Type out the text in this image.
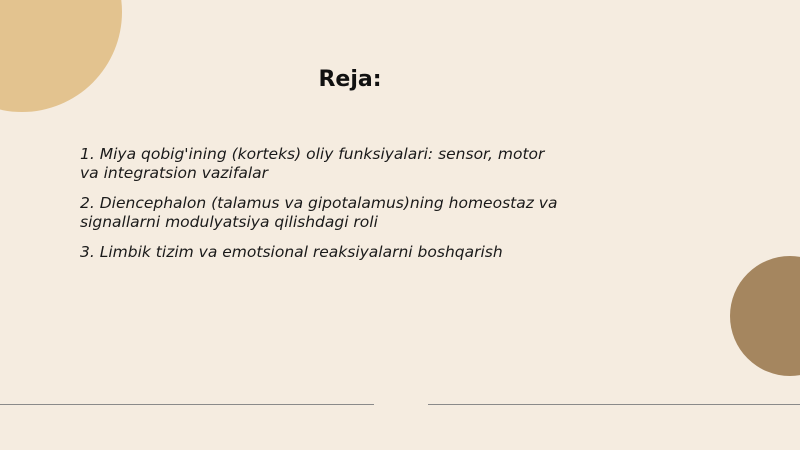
Reja:
1. Miya qobig'ining (korteks) oliy funksiyalari: sensor, motor va integratsion vazifalar
2. Diencephalon (talamus va gipotalamus)ning homeostaz va signallarni modulyatsiya qilishdagi roli
3. Limbik tizim va emotsional reaksiyalarni boshqarish
